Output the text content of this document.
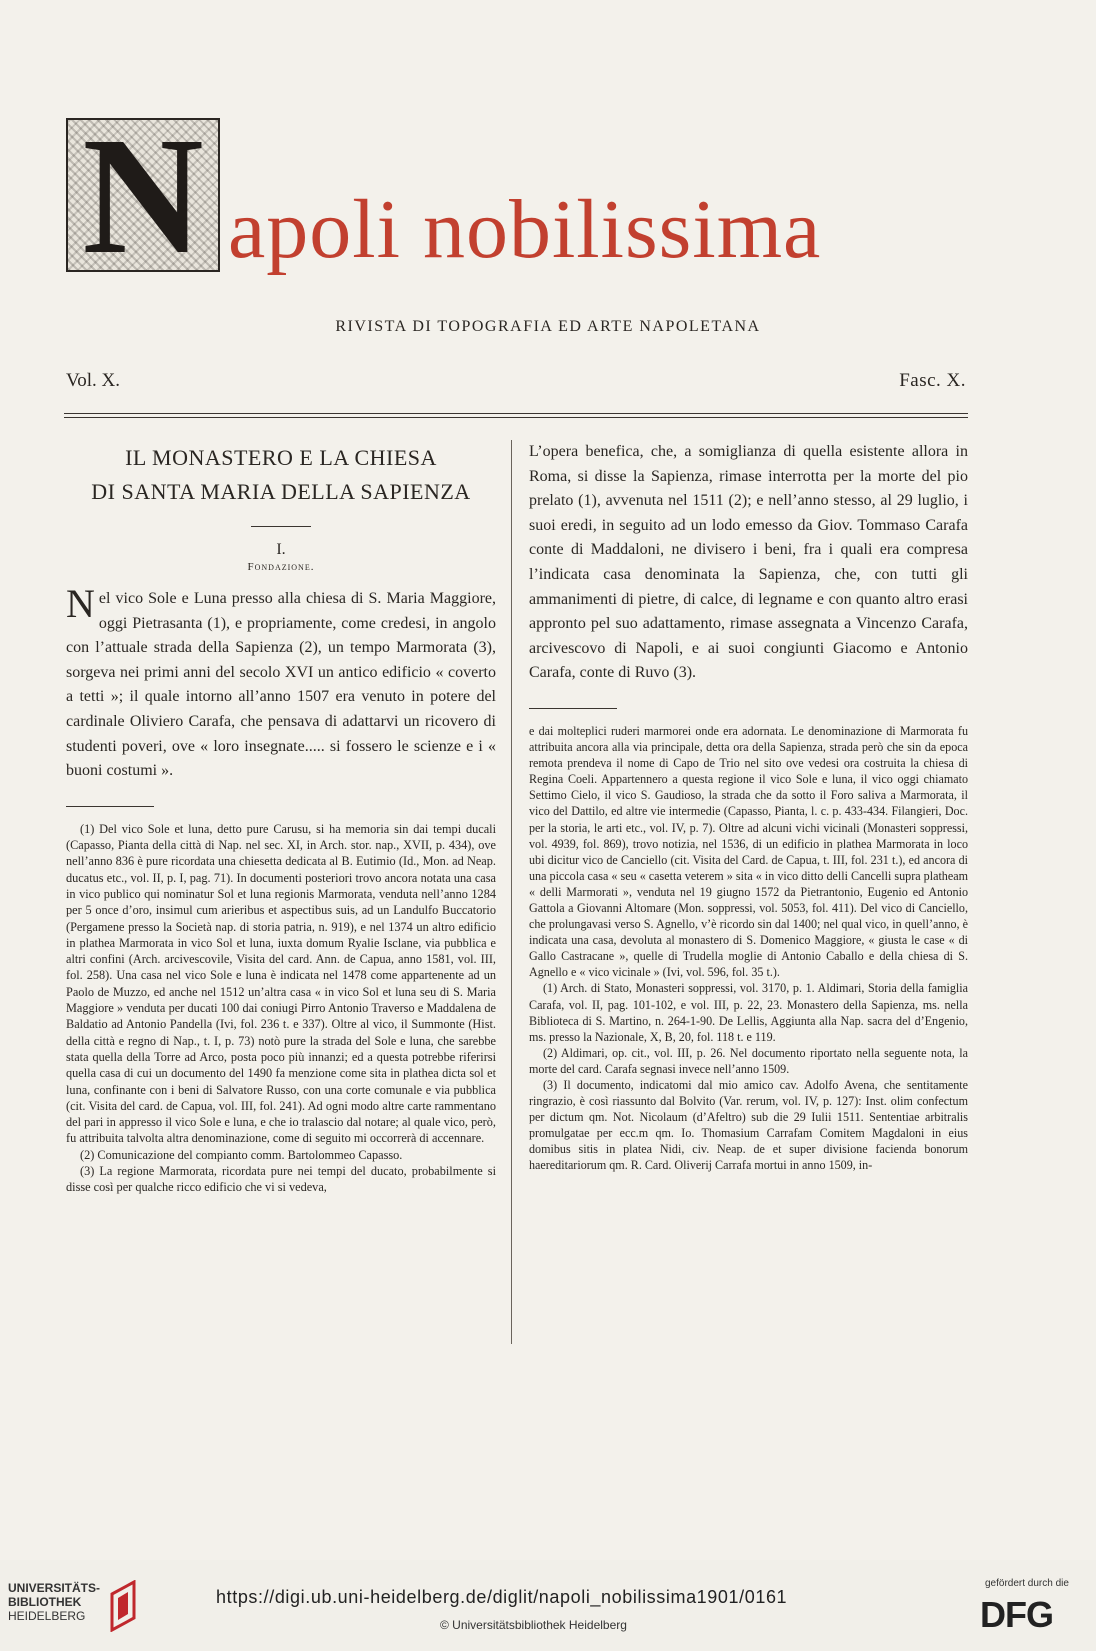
N apoli nobilissima
RIVISTA DI TOPOGRAFIA ED ARTE NAPOLETANA
Vol. X.	Fasc. X.
IL MONASTERO E LA CHIESA
DI SANTA MARIA DELLA SAPIENZA
I.
Fondazione.
Nel vico Sole e Luna presso alla chiesa di S. Maria Maggiore, oggi Pietrasanta (1), e propriamente, come credesi, in angolo con l’attuale strada della Sapienza (2), un tempo Marmorata (3), sorgeva nei primi anni del secolo XVI un antico edificio « coverto a tetti »; il quale intorno all’anno 1507 era venuto in potere del cardinale Oliviero Carafa, che pensava di adattarvi un ricovero di studenti poveri, ove « loro insegnate..... si fossero le scienze e i « buoni costumi ».

(1) Del vico Sole et luna, detto pure Carusu, si ha memoria sin dai tempi ducali (Capasso, Pianta della città di Nap. nel sec. XI, in Arch. stor. nap., XVII, p. 434), ove nell’anno 836 è pure ricordata una chiesetta dedicata al B. Eutimio (Id., Mon. ad Neap. ducatus etc., vol. II, p. I, pag. 71). In documenti posteriori trovo ancora notata una casa in vico publico qui nominatur Sol et luna regionis Marmorata, venduta nell’anno 1284 per 5 once d’oro, insimul cum arieribus et aspectibus suis, ad un Landulfo Buccatorio (Pergamene presso la Società nap. di storia patria, n. 919), e nel 1374 un altro edificio in plathea Marmorata in vico Sol et luna, iuxta domum Ryalie Isclane, via pubblica e altri confini (Arch. arcivescovile, Visita del card. Ann. de Capua, anno 1581, vol. III, fol. 258). Una casa nel vico Sole e luna è indicata nel 1478 come appartenente ad un Paolo de Muzzo, ed anche nel 1512 un’altra casa « in vico Sol et luna seu di S. Maria Maggiore » venduta per ducati 100 dai coniugi Pirro Antonio Traverso e Maddalena de Baldatio ad Antonio Pandella (Ivi, fol. 236 t. e 337). Oltre al vico, il Summonte (Hist. della città e regno di Nap., t. I, p. 73) notò pure la strada del Sole e luna, che sarebbe stata quella della Torre ad Arco, posta poco più innanzi; ed a questa potrebbe riferirsi quella casa di cui un documento del 1490 fa menzione come sita in plathea dicta sol et luna, confinante con i beni di Salvatore Russo, con una corte comunale e via pubblica (cit. Visita del card. de Capua, vol. III, fol. 241). Ad ogni modo altre carte rammentano del pari in appresso il vico Sole e luna, e che io tralascio dal notare; al quale vico, però, fu attribuita talvolta altra denominazione, come di seguito mi occorrerà di accennare.

(2) Comunicazione del compianto comm. Bartolommeo Capasso.

(3) La regione Marmorata, ricordata pure nei tempi del ducato, probabilmente si disse così per qualche ricco edificio che vi si vedeva,

L’opera benefica, che, a somiglianza di quella esistente allora in Roma, si disse la Sapienza, rimase interrotta per la morte del pio prelato (1), avvenuta nel 1511 (2); e nell’anno stesso, al 29 luglio, i suoi eredi, in seguito ad un lodo emesso da Giov. Tommaso Carafa conte di Maddaloni, ne divisero i beni, fra i quali era compresa l’indicata casa denominata la Sapienza, che, con tutti gli ammanimenti di pietre, di calce, di legname e con quanto altro erasi appronto pel suo adattamento, rimase assegnata a Vincenzo Carafa, arcivescovo di Napoli, e ai suoi congiunti Giacomo e Antonio Carafa, conte di Ruvo (3).

e dai molteplici ruderi marmorei onde era adornata. Le denominazione di Marmorata fu attribuita ancora alla via principale, detta ora della Sapienza, strada però che sin da epoca remota prendeva il nome di Capo de Trio nel sito ove vedesi ora costruita la chiesa di Regina Coeli. Appartennero a questa regione il vico Sole e luna, il vico oggi chiamato Settimo Cielo, il vico S. Gaudioso, la strada che da sotto il Foro saliva a Marmorata, il vico del Dattilo, ed altre vie intermedie (Capasso, Pianta, l. c. p. 433-434. Filangieri, Doc. per la storia, le arti etc., vol. IV, p. 7). Oltre ad alcuni vichi vicinali (Monasteri soppressi, vol. 4939, fol. 869), trovo notizia, nel 1536, di un edificio in plathea Marmorata in loco ubi dicitur vico de Canciello (cit. Visita del Card. de Capua, t. III, fol. 231 t.), ed ancora di una piccola casa « seu « casetta veterem » sita « in vico ditto delli Cancelli supra platheam « delli Marmorati », venduta nel 19 giugno 1572 da Pietrantonio, Eugenio ed Antonio Gattola a Giovanni Altomare (Mon. soppressi, vol. 5053, fol. 411). Del vico di Canciello, che prolungavasi verso S. Agnello, v’è ricordo sin dal 1400; nel qual vico, in quell’anno, è indicata una casa, devoluta al monastero di S. Domenico Maggiore, « giusta le case « di Gallo Castracane », quelle di Trudella moglie di Antonio Caballo e della chiesa di S. Agnello e « vico vicinale » (Ivi, vol. 596, fol. 35 t.).

(1) Arch. di Stato, Monasteri soppressi, vol. 3170, p. 1. Aldimari, Storia della famiglia Carafa, vol. II, pag. 101-102, e vol. III, p. 22, 23. Monastero della Sapienza, ms. nella Biblioteca di S. Martino, n. 264-1-90. De Lellis, Aggiunta alla Nap. sacra del d’Engenio, ms. presso la Nazionale, X, B, 20, fol. 118 t. e 119.

(2) Aldimari, op. cit., vol. III, p. 26. Nel documento riportato nella seguente nota, la morte del card. Carafa segnasi invece nell’anno 1509.

(3) Il documento, indicatomi dal mio amico cav. Adolfo Avena, che sentitamente ringrazio, è così riassunto dal Bolvito (Var. rerum, vol. IV, p. 127): Inst. olim confectum per dictum qm. Not. Nicolaum (d’Afeltro) sub die 29 Iulii 1511. Sententiae arbitralis promulgatae per ecc.m qm. Io. Thomasium Carrafam Comitem Magdaloni in eius domibus sitis in platea Nidi, civ. Neap. de et super divisione facienda bonorum haereditariorum qm. R. Card. Oliverij Carrafa mortui in anno 1509, in-

UNIVERSITÄTS-
BIBLIOTHEK
HEIDELBERG
https://digi.ub.uni-heidelberg.de/diglit/napoli_nobilissima1901/0161
© Universitätsbibliothek Heidelberg
gefördert durch die
DFG
